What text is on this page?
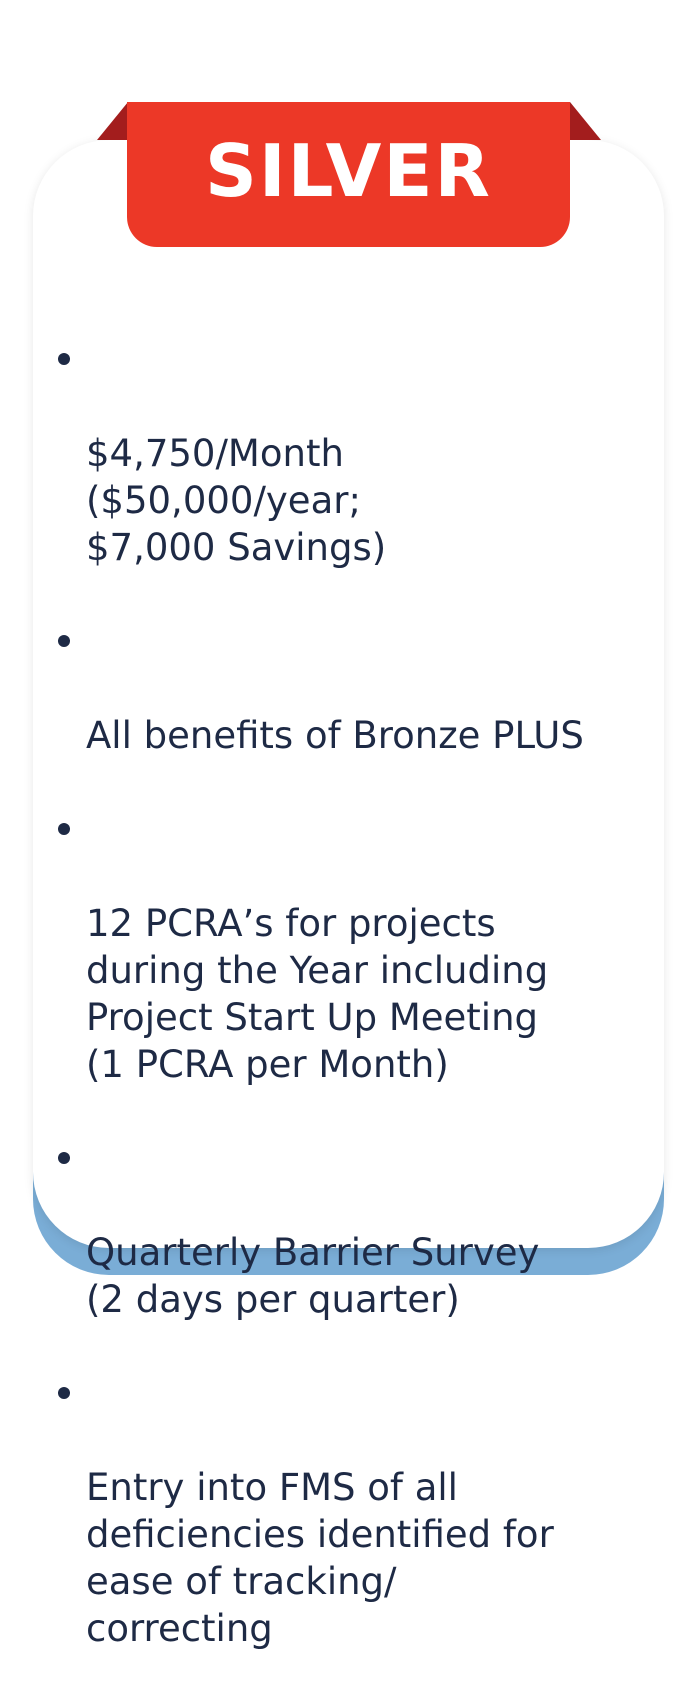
SILVER

$4,750/Month
($50,000/year;
$7,000 Savings)

All benefits of Bronze PLUS

12 PCRA’s for projects
during the Year including
Project Start Up Meeting
(1 PCRA per Month)

Quarterly Barrier Survey
(2 days per quarter)

Entry into FMS of all
deficiencies identified for
ease of tracking/
correcting
